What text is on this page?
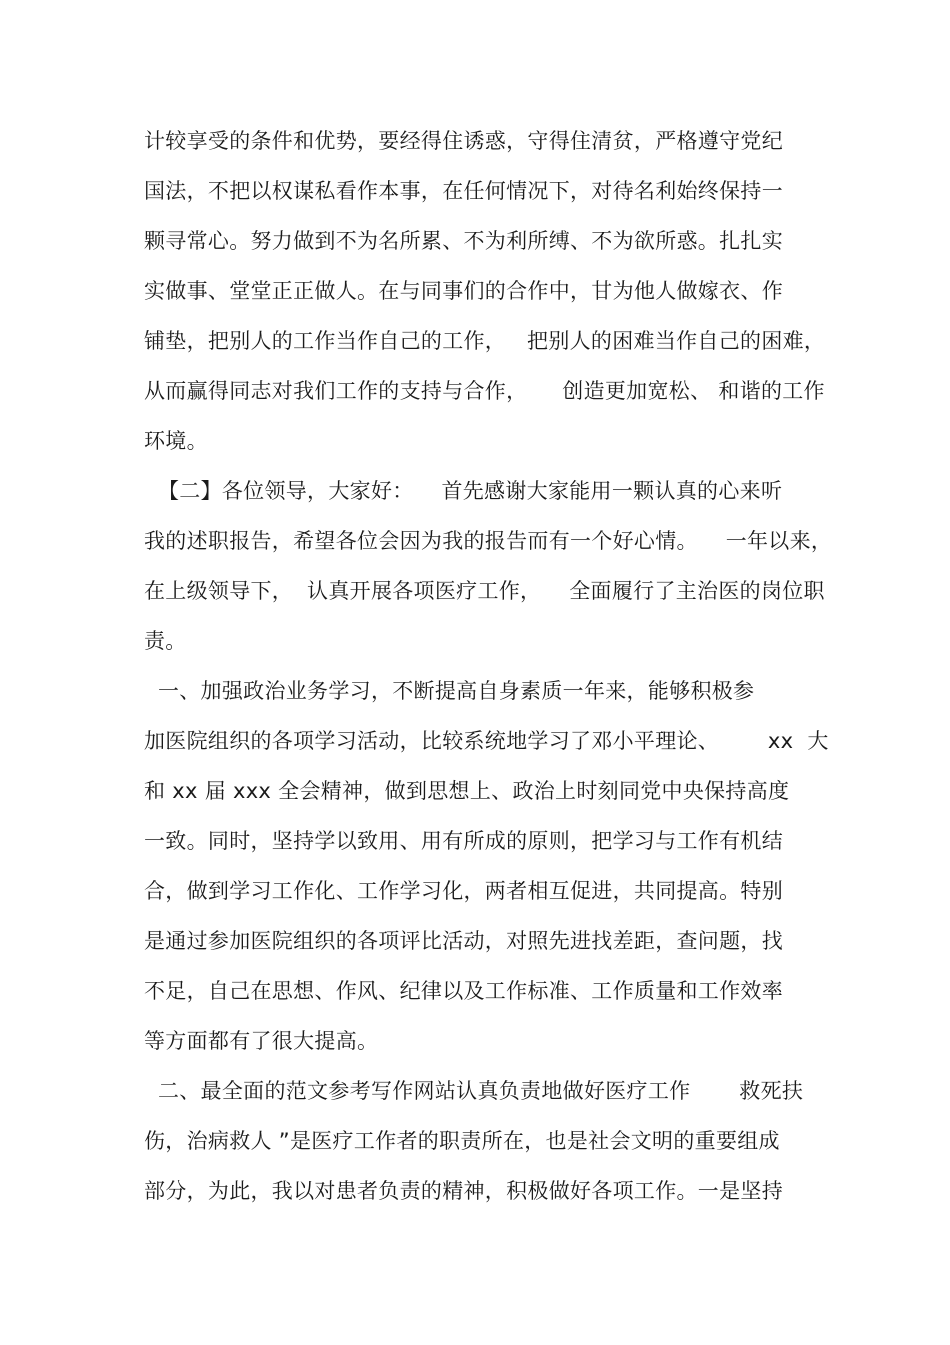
计较享受的条件和优势，要经得住诱惑，守得住清贫，严格遵守党纪
国法，不把以权谋私看作本事，在任何情况下，对待名利始终保持一
颗寻常心。努力做到不为名所累、不为利所缚、不为欲所惑。扎扎实
实做事、堂堂正正做人。在与同事们的合作中，甘为他人做嫁衣、作
铺垫，把别人的工作当作自己的工作，   把别人的困难当作自己的困难，
从而赢得同志对我们工作的支持与合作，     创造更加宽松、 和谐的工作
环境。
【二】各位领导，大家好：    首先感谢大家能用一颗认真的心来听
我的述职报告，希望各位会因为我的报告而有一个好心情。    一年以来，
在上级领导下，  认真开展各项医疗工作，    全面履行了主治医的岗位职
责。
一、加强政治业务学习，不断提高自身素质一年来，能够积极参
加医院组织的各项学习活动，比较系统地学习了邓小平理论、       xx  大
和 xx 届 xxx 全会精神，做到思想上、政治上时刻同党中央保持高度
一致。同时，坚持学以致用、用有所成的原则，把学习与工作有机结
合，做到学习工作化、工作学习化，两者相互促进，共同提高。特别
是通过参加医院组织的各项评比活动，对照先进找差距，查问题，找
不足，自己在思想、作风、纪律以及工作标准、工作质量和工作效率
等方面都有了很大提高。
二、最全面的范文参考写作网站认真负责地做好医疗工作       救死扶
伤，治病救人 ”是医疗工作者的职责所在，也是社会文明的重要组成
部分，为此，我以对患者负责的精神，积极做好各项工作。一是坚持
